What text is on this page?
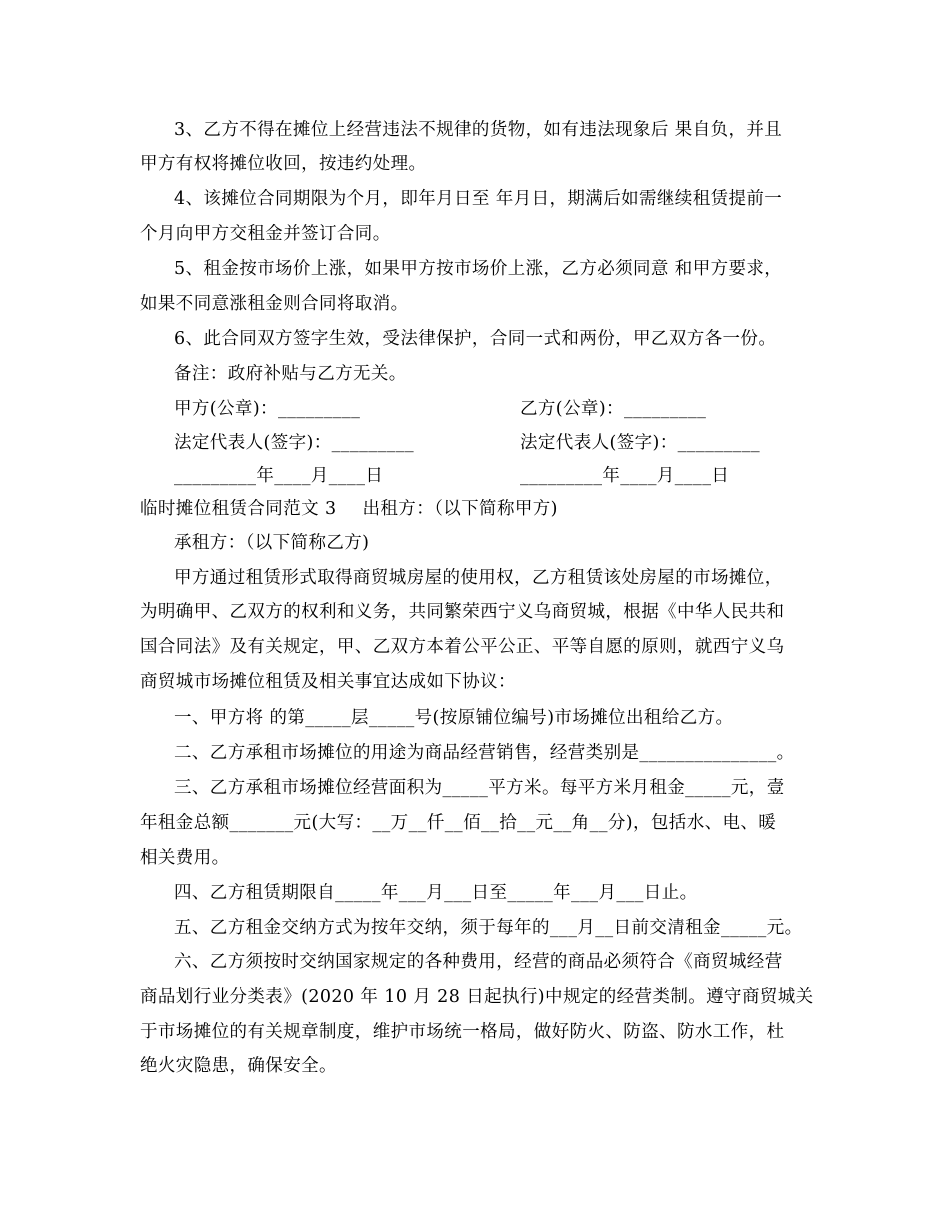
3、乙方不得在摊位上经营违法不规律的货物，如有违法现象后 果自负，并且
甲方有权将摊位收回，按违约处理。
4、该摊位合同期限为个月，即年月日至 年月日，期满后如需继续租赁提前一
个月向甲方交租金并签订合同。
5、租金按市场价上涨，如果甲方按市场价上涨，乙方必须同意 和甲方要求，
如果不同意涨租金则合同将取消。
6、此合同双方签字生效，受法律保护，合同一式和两份，甲乙双方各一份。
备注：政府补贴与乙方无关。
甲方(公章)：_________	乙方(公章)：_________
法定代表人(签字)：_________	法定代表人(签字)：_________
_________年____月____日	_________年____月____日
临时摊位租赁合同范文 3 出租方：（以下简称甲方)
承租方：（以下简称乙方)
甲方通过租赁形式取得商贸城房屋的使用权，乙方租赁该处房屋的市场摊位，
为明确甲、乙双方的权利和义务，共同繁荣西宁义乌商贸城，根据《中华人民共和
国合同法》及有关规定，甲、乙双方本着公平公正、平等自愿的原则，就西宁义乌
商贸城市场摊位租赁及相关事宜达成如下协议：
一、甲方将 的第_____层_____号(按原铺位编号)市场摊位出租给乙方。
二、乙方承租市场摊位的用途为商品经营销售，经营类别是_______________。
三、乙方承租市场摊位经营面积为_____平方米。每平方米月租金_____元，壹
年租金总额_______元(大写：__万__仟__佰__拾__元__角__分)，包括水、电、暖
相关费用。
四、乙方租赁期限自_____年___月___日至_____年___月___日止。
五、乙方租金交纳方式为按年交纳，须于每年的___月__日前交清租金_____元。
六、乙方须按时交纳国家规定的各种费用，经营的商品必须符合《商贸城经营
商品划行业分类表》(2020 年 10 月 28 日起执行)中规定的经营类制。遵守商贸城关
于市场摊位的有关规章制度，维护市场统一格局，做好防火、防盗、防水工作，杜
绝火灾隐患，确保安全。
